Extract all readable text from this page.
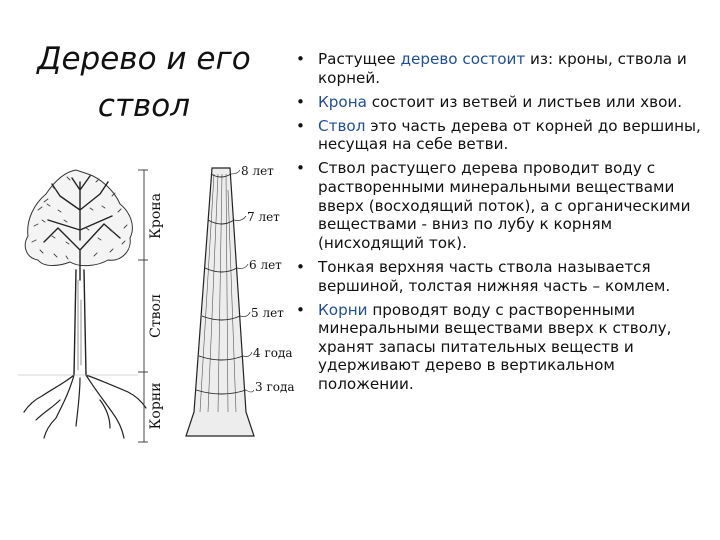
Дерево и его
ствол
• Растущее дерево состоит из: кроны, ствола и корней.
• Крона состоит из ветвей и листьев или хвои.
• Ствол это часть дерева от корней до вершины, несущая на себе ветви.
• Ствол растущего дерева проводит воду с растворенными минеральными веществами вверх (восходящий поток), а с органическими веществами - вниз по лубу к корням (нисходящий ток).
• Тонкая верхняя часть ствола называется вершиной, толстая нижняя часть – комлем.
• Корни проводят воду с растворенными минеральными веществами вверх к стволу, хранят запасы питательных веществ и удерживают дерево в вертикальном положении.
Крона
Ствол
Корни
8 лет
7 лет
6 лет
5 лет
4 года
3 года
